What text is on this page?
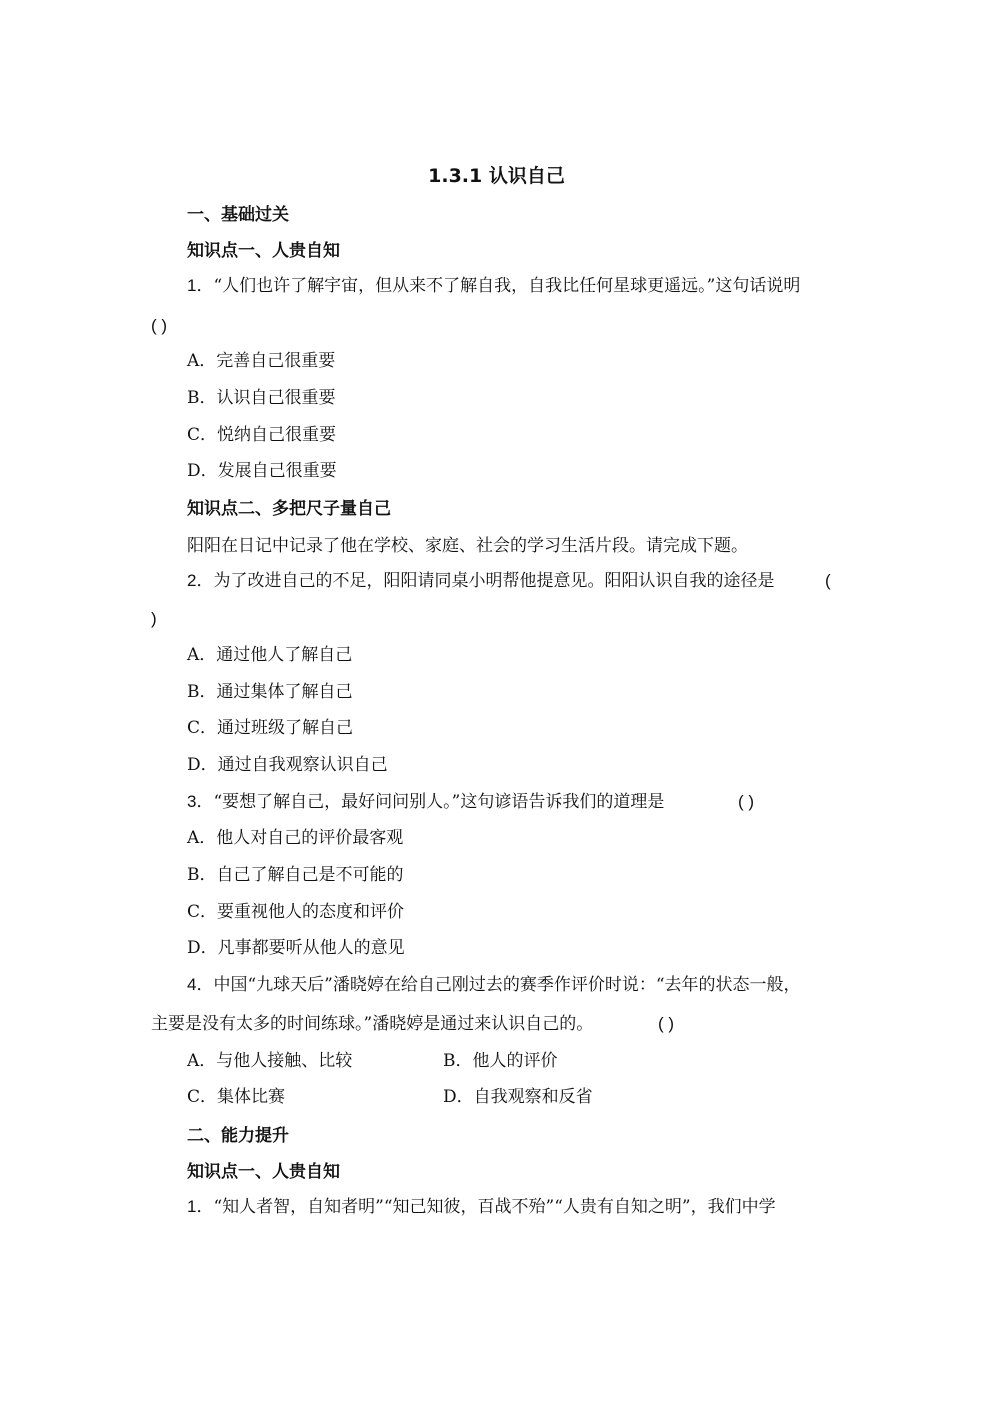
1.3.1 认识自己
一、基础过关
知识点一、人贵自知
1．“人们也许了解宇宙，但从来不了解自我，自我比任何星球更遥远。”这句话说明
( )
A．完善自己很重要
B．认识自己很重要
C．悦纳自己很重要
D．发展自己很重要
知识点二、多把尺子量自己
阳阳在日记中记录了他在学校、家庭、社会的学习生活片段。请完成下题。
2．为了改进自己的不足，阳阳请同桌小明帮他提意见。阳阳认识自我的途径是	(
)
A．通过他人了解自己
B．通过集体了解自己
C．通过班级了解自己
D．通过自我观察认识自己
3．“要想了解自己，最好问问别人。”这句谚语告诉我们的道理是	( )
A．他人对自己的评价最客观
B．自己了解自己是不可能的
C．要重视他人的态度和评价
D．凡事都要听从他人的意见
4．中国“九球天后”潘晓婷在给自己刚过去的赛季作评价时说：“去年的状态一般，
主要是没有太多的时间练球。”潘晓婷是通过来认识自己的。	( )
A．与他人接触、比较	B．他人的评价
C．集体比赛	D．自我观察和反省
二、能力提升
知识点一、人贵自知
1．“知人者智，自知者明”“知己知彼，百战不殆”“人贵有自知之明”，我们中学
